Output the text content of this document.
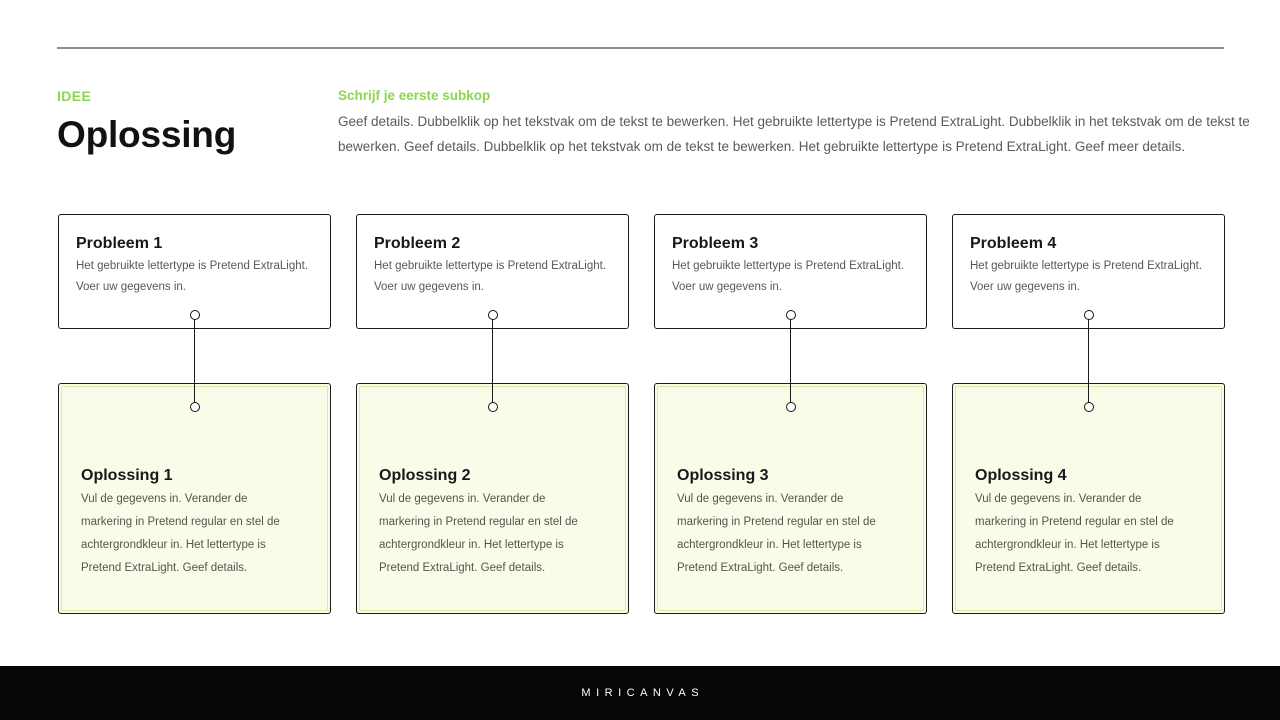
IDEE
Oplossing
Schrijf je eerste subkop
Geef details. Dubbelklik op het tekstvak om de tekst te bewerken. Het gebruikte lettertype is Pretend ExtraLight. Dubbelklik in het tekstvak om de tekst te
bewerken. Geef details. Dubbelklik op het tekstvak om de tekst te bewerken. Het gebruikte lettertype is Pretend ExtraLight. Geef meer details.
Probleem 1
Het gebruikte lettertype is Pretend ExtraLight.
Voer uw gegevens in.
Oplossing 1
Vul de gegevens in. Verander de
markering in Pretend regular en stel de
achtergrondkleur in. Het lettertype is
Pretend ExtraLight. Geef details.
Probleem 2
Het gebruikte lettertype is Pretend ExtraLight.
Voer uw gegevens in.
Oplossing 2
Vul de gegevens in. Verander de
markering in Pretend regular en stel de
achtergrondkleur in. Het lettertype is
Pretend ExtraLight. Geef details.
Probleem 3
Het gebruikte lettertype is Pretend ExtraLight.
Voer uw gegevens in.
Oplossing 3
Vul de gegevens in. Verander de
markering in Pretend regular en stel de
achtergrondkleur in. Het lettertype is
Pretend ExtraLight. Geef details.
Probleem 4
Het gebruikte lettertype is Pretend ExtraLight.
Voer uw gegevens in.
Oplossing 4
Vul de gegevens in. Verander de
markering in Pretend regular en stel de
achtergrondkleur in. Het lettertype is
Pretend ExtraLight. Geef details.
MIRICANVAS
